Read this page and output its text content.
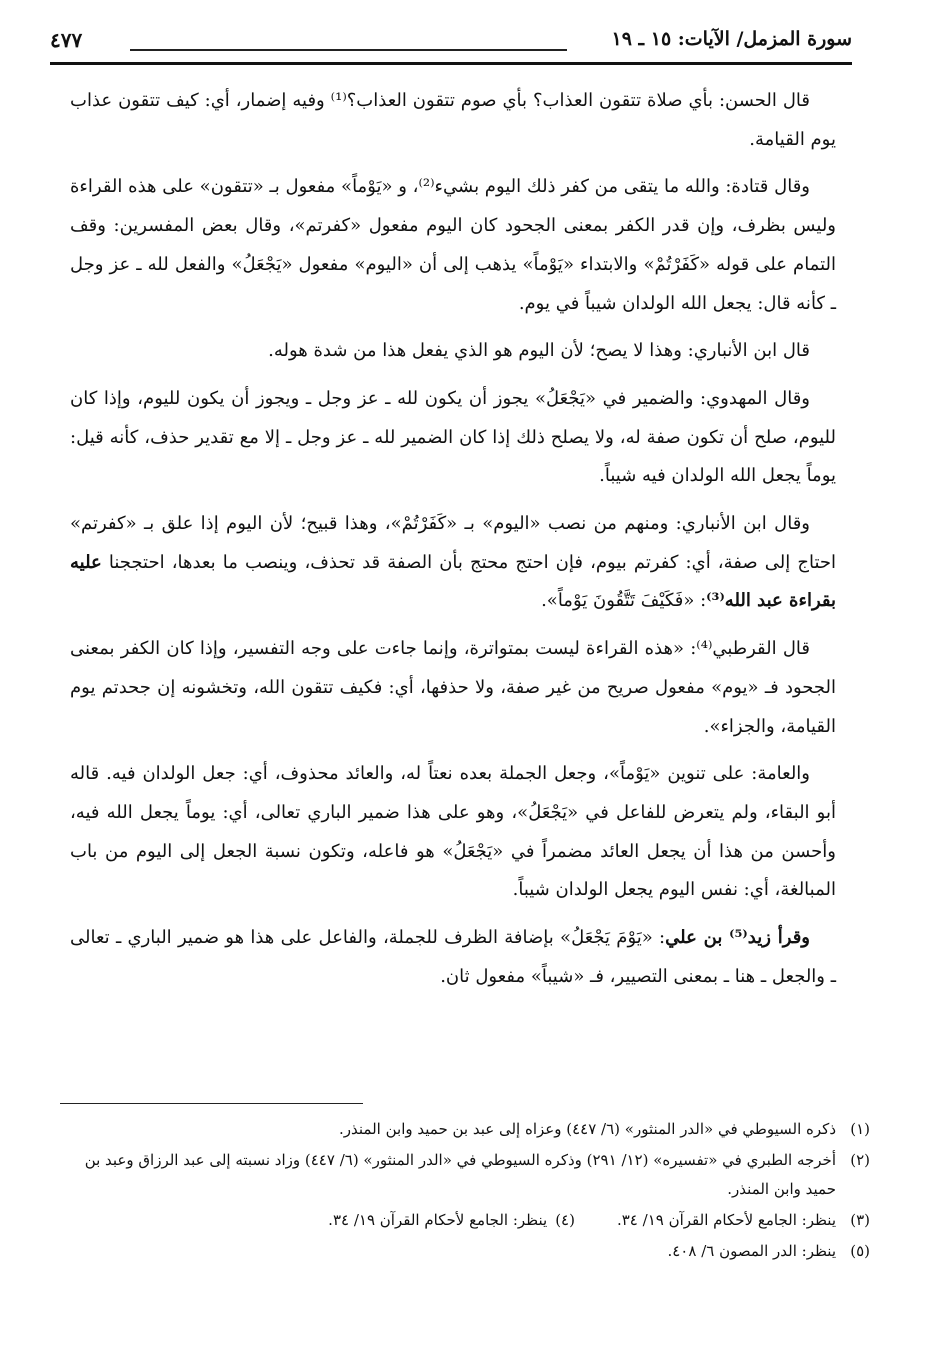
سورة المزمل/ الآيات: ١٥ ـ ١٩
٤٧٧

قال الحسن: بأي صلاة تتقون العذاب؟ بأي صوم تتقون العذاب؟⁽¹⁾ وفيه إضمار، أي: كيف تتقون عذاب يوم القيامة.

وقال قتادة: والله ما يتقى من كفر ذلك اليوم بشيء⁽²⁾، و «يَوْماً» مفعول بـ «تتقون» على هذه القراءة وليس بظرف، وإن قدر الكفر بمعنى الجحود كان اليوم مفعول «كفرتم»، وقال بعض المفسرين: وقف التمام على قوله «كَفَرْتُمْ» والابتداء «يَوْماً» يذهب إلى أن «اليوم» مفعول «يَجْعَلُ» والفعل لله ـ عز وجل ـ كأنه قال: يجعل الله الولدان شيباً في يوم.

قال ابن الأنباري: وهذا لا يصح؛ لأن اليوم هو الذي يفعل هذا من شدة هوله.

وقال المهدوي: والضمير في «يَجْعَلُ» يجوز أن يكون لله ـ عز وجل ـ ويجوز أن يكون لليوم، وإذا كان لليوم، صلح أن تكون صفة له، ولا يصلح ذلك إذا كان الضمير لله ـ عز وجل ـ إلا مع تقدير حذف، كأنه قيل: يوماً يجعل الله الولدان فيه شيباً.

وقال ابن الأنباري: ومنهم من نصب «اليوم» بـ «كَفَرْتُمْ»، وهذا قبيح؛ لأن اليوم إذا علق بـ «كفرتم» احتاج إلى صفة، أي: كفرتم بيوم، فإن احتج محتج بأن الصفة قد تحذف، وينصب ما بعدها، احتججنا عليه بقراءة عبد الله⁽³⁾: «فَكَيْفَ تَتَّقُونَ يَوْماً».

قال القرطبي⁽⁴⁾: «هذه القراءة ليست بمتواترة، وإنما جاءت على وجه التفسير، وإذا كان الكفر بمعنى الجحود فـ «يوم» مفعول صريح من غير صفة، ولا حذفها، أي: فكيف تتقون الله، وتخشونه إن جحدتم يوم القيامة، والجزاء».

والعامة: على تنوين «يَوْماً»، وجعل الجملة بعده نعتاً له، والعائد محذوف، أي: جعل الولدان فيه. قاله أبو البقاء، ولم يتعرض للفاعل في «يَجْعَلُ»، وهو على هذا ضمير الباري تعالى، أي: يوماً يجعل الله فيه، وأحسن من هذا أن يجعل العائد مضمراً في «يَجْعَلُ» هو فاعله، وتكون نسبة الجعل إلى اليوم من باب المبالغة، أي: نفس اليوم يجعل الولدان شيباً.

وقرأ زيد⁽⁵⁾ بن علي: «يَوْمَ يَجْعَلُ» بإضافة الظرف للجملة، والفاعل على هذا هو ضمير الباري ـ تعالى ـ والجعل ـ هنا ـ بمعنى التصيير، فـ «شيباً» مفعول ثان.

(١)
ذكره السيوطي في «الدر المنثور» (٦/ ٤٤٧) وعزاه إلى عبد بن حميد وابن المنذر.
(٢)
أخرجه الطبري في «تفسيره» (١٢/ ٢٩١) وذكره السيوطي في «الدر المنثور» (٦/ ٤٤٧) وزاد نسبته إلى عبد الرزاق وعبد بن حميد وابن المنذر.
(٣)
ينظر: الجامع لأحكام القرآن ١٩/ ٣٤.
(٤)
ينظر: الجامع لأحكام القرآن ١٩/ ٣٤.
(٥)
ينظر: الدر المصون ٦/ ٤٠٨.
